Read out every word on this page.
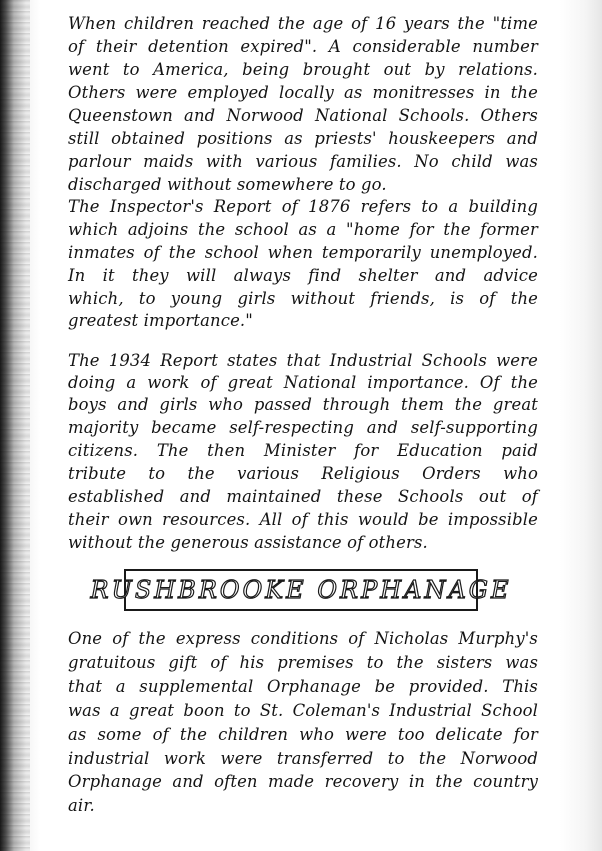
When children reached the age of 16 years the "time
of their detention expired". A considerable number
went to America, being brought out by relations.
Others were employed locally as monitresses in the
Queenstown and Norwood National Schools. Others
still obtained positions as priests' houskeepers and
parlour maids with various families. No child was
discharged without somewhere to go.
The Inspector's Report of 1876 refers to a building
which adjoins the school as a "home for the former
inmates of the school when temporarily unemployed.
In it they will always find shelter and advice
which, to young girls without friends, is of the
greatest importance."
The 1934 Report states that Industrial Schools were
doing a work of great National importance. Of the
boys and girls who passed through them the great
majority became self-respecting and self-supporting
citizens. The then Minister for Education paid
tribute to the various Religious Orders who
established and maintained these Schools out of
their own resources. All of this would be impossible
without the generous assistance of others.
RUSHBROOKE ORPHANAGE
One of the express conditions of Nicholas Murphy's
gratuitous gift of his premises to the sisters was
that a supplemental Orphanage be provided. This
was a great boon to St. Coleman's Industrial School
as some of the children who were too delicate for
industrial work were transferred to the Norwood
Orphanage and often made recovery in the country
air.
